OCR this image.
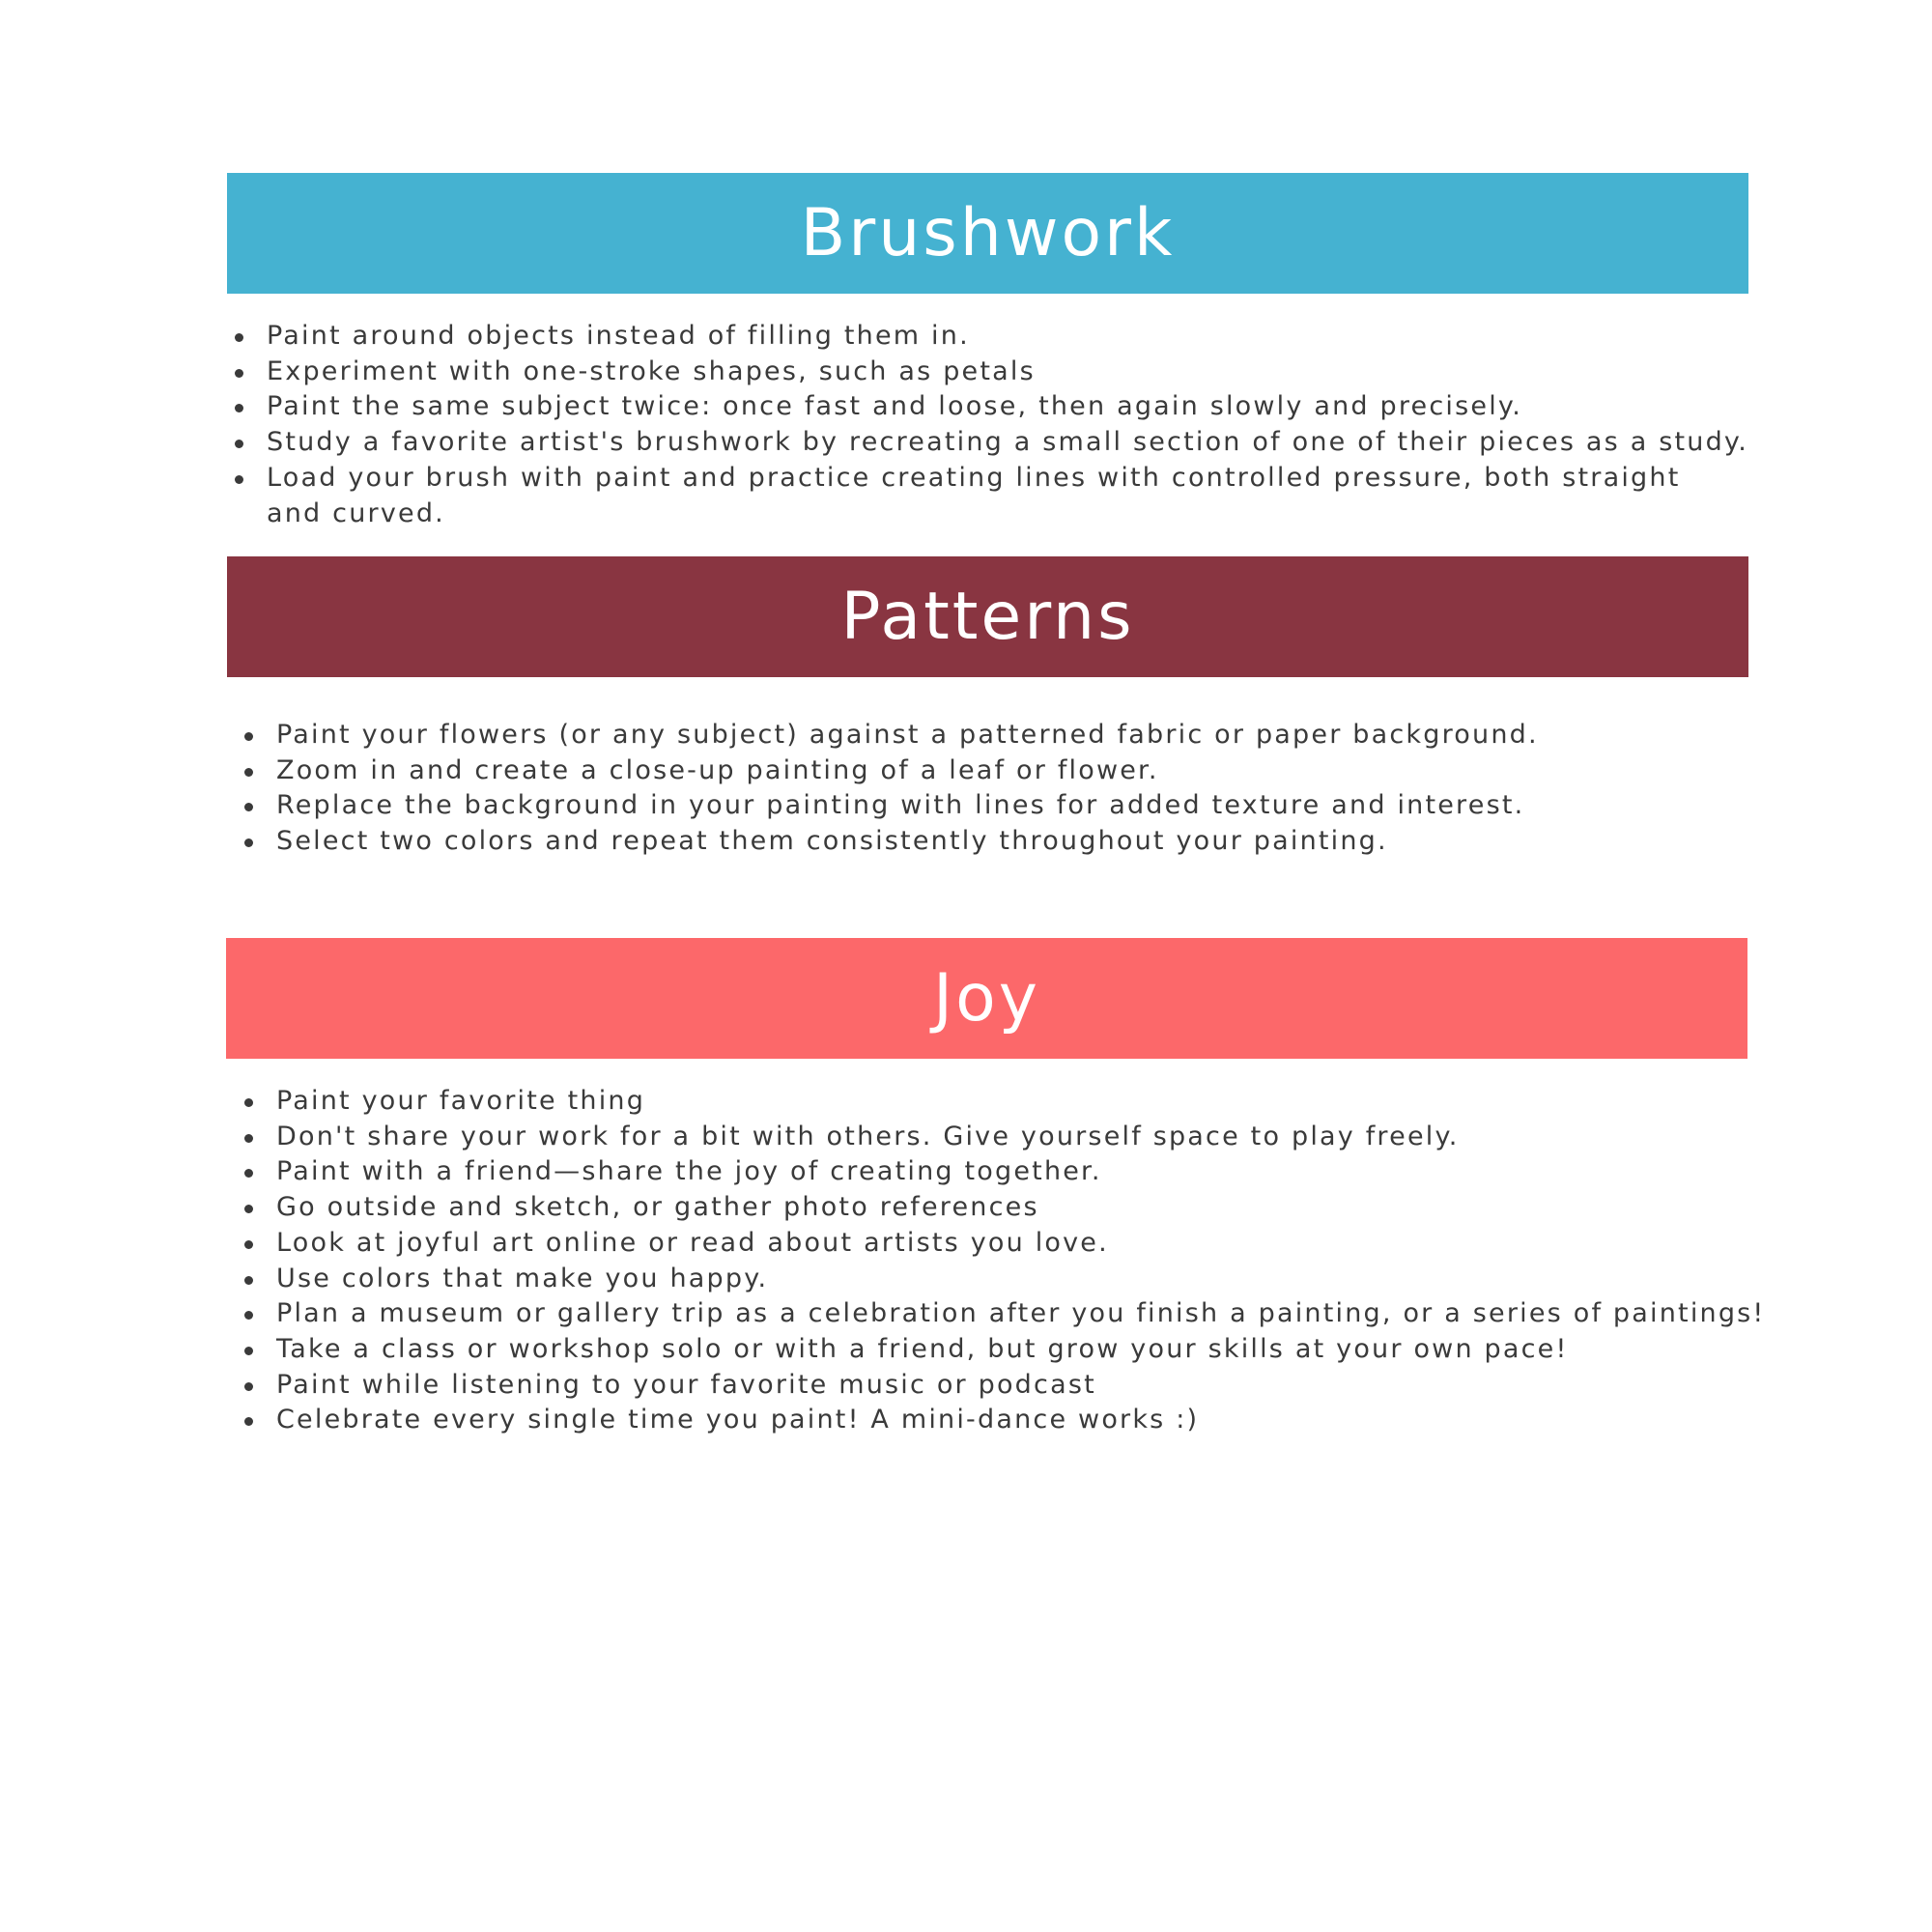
Brushwork
Paint around objects instead of filling them in.
Experiment with one-stroke shapes, such as petals
Paint the same subject twice: once fast and loose, then again slowly and precisely.
Study a favorite artist's brushwork by recreating a small section of one of their pieces as a study.
Load your brush with paint and practice creating lines with controlled pressure, both straight and curved.
Patterns
Paint your flowers (or any subject) against a patterned fabric or paper background.
Zoom in and create a close-up painting of a leaf or flower.
Replace the background in your painting with lines for added texture and interest.
Select two colors and repeat them consistently throughout your painting.
Joy
Paint your favorite thing
Don't share your work for a bit with others. Give yourself space to play freely.
Paint with a friend—share the joy of creating together.
Go outside and sketch, or gather photo references
Look at joyful art online or read about artists you love.
Use colors that make you happy.
Plan a museum or gallery trip as a celebration after you finish a painting, or a series of paintings!
Take a class or workshop solo or with a friend, but grow your skills at your own pace!
Paint while listening to your favorite music or podcast
Celebrate every single time you paint! A mini-dance works :)
